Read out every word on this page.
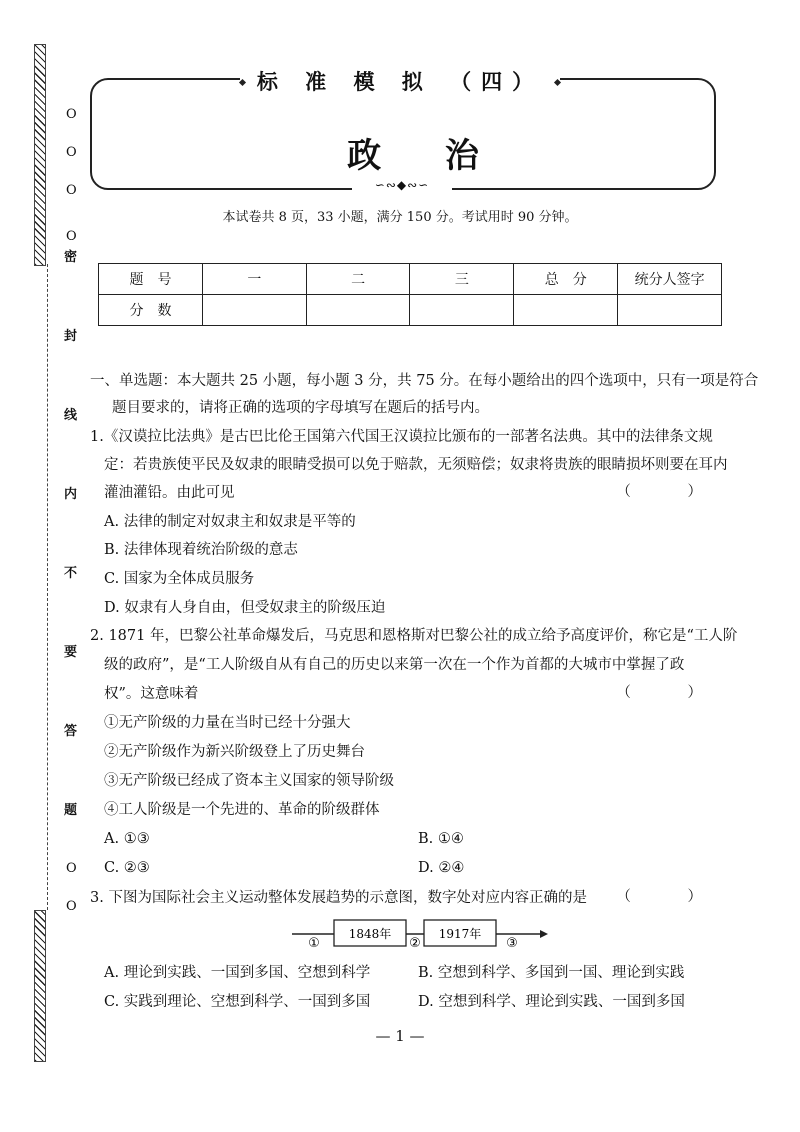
O
O
O
O
O
O
密
封
线
内
不
要
答
题
标 准 模 拟 （四）
政 治
∽∾◆∾∽
本试卷共 8 页，33 小题，满分 150 分。考试用时 90 分钟。
题　号	一	二	三	总　分	统分人签字
分　数					
一、单选题：本大题共 25 小题，每小题 3 分，共 75 分。在每小题给出的四个选项中，只有一项是符合
题目要求的，请将正确的选项的字母填写在题后的括号内。
1.《汉谟拉比法典》是古巴比伦王国第六代国王汉谟拉比颁布的一部著名法典。其中的法律条文规
定：若贵族使平民及奴隶的眼睛受损可以免于赔款，无须赔偿；奴隶将贵族的眼睛损坏则要在耳内
灌油灌铅。由此可见	（ ）
A. 法律的制定对奴隶主和奴隶是平等的
B. 法律体现着统治阶级的意志
C. 国家为全体成员服务
D. 奴隶有人身自由，但受奴隶主的阶级压迫
2. 1871 年，巴黎公社革命爆发后，马克思和恩格斯对巴黎公社的成立给予高度评价，称它是“工人阶
级的政府”，是“工人阶级自从有自己的历史以来第一次在一个作为首都的大城市中掌握了政
权”。这意味着	（ ）
①无产阶级的力量在当时已经十分强大
②无产阶级作为新兴阶级登上了历史舞台
③无产阶级已经成了资本主义国家的领导阶级
④工人阶级是一个先进的、革命的阶级群体
A. ①③	B. ①④
C. ②③	D. ②④
3. 下图为国际社会主义运动整体发展趋势的示意图，数字处对应内容正确的是 （ ）
1848年	1917年
①	②	③
A. 理论到实践、一国到多国、空想到科学	B. 空想到科学、多国到一国、理论到实践
C. 实践到理论、空想到科学、一国到多国	D. 空想到科学、理论到实践、一国到多国
— 1 —
